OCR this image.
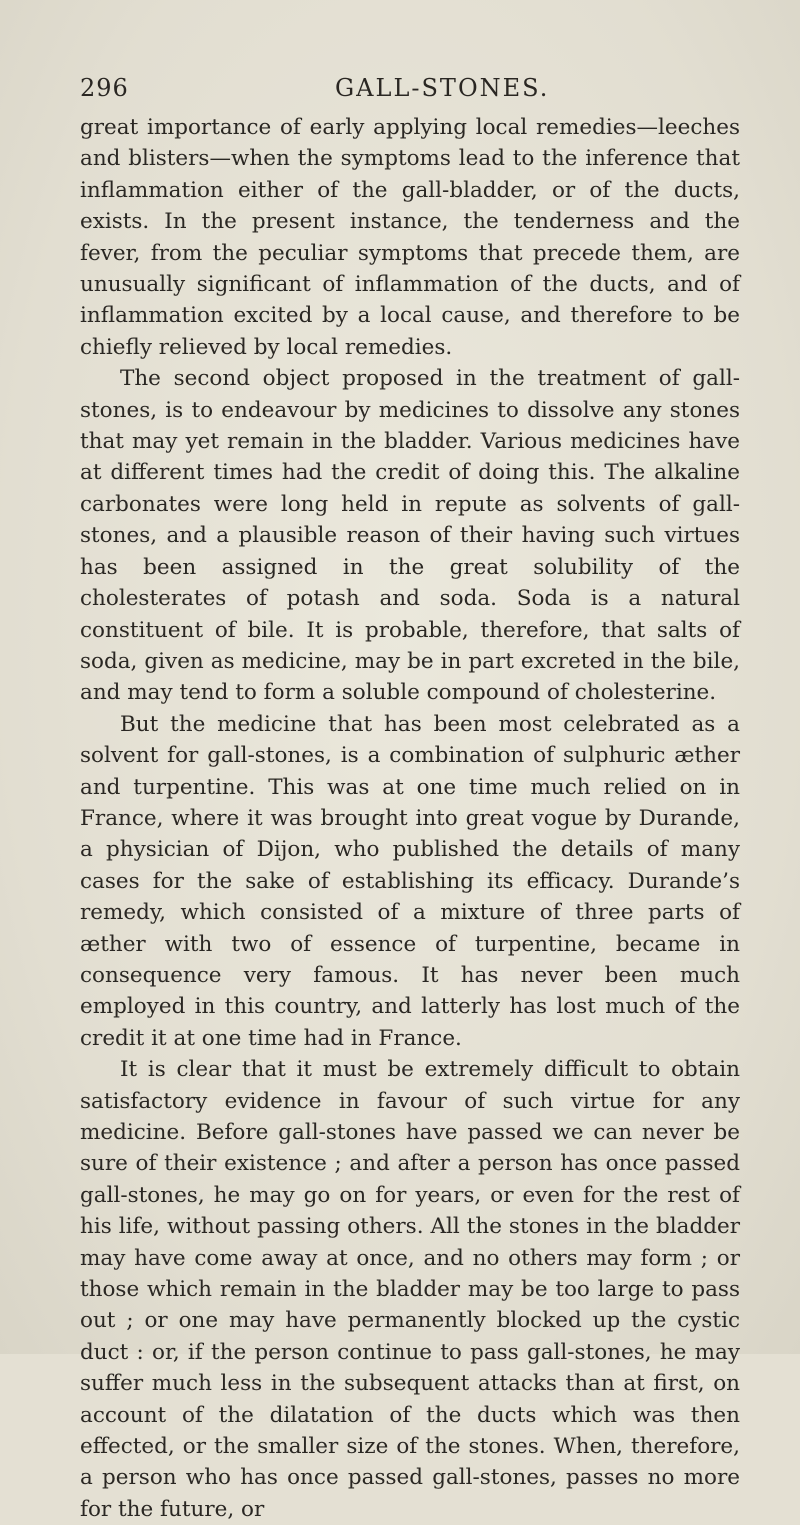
296	GALL-STONES.

great importance of early applying local remedies—leeches and blisters—when the symptoms lead to the inference that inflammation either of the gall-bladder, or of the ducts, exists. In the present instance, the tenderness and the fever, from the peculiar symptoms that precede them, are unusually significant of inflammation of the ducts, and of inflammation excited by a local cause, and therefore to be chiefly relieved by local remedies.

The second object proposed in the treatment of gall-stones, is to endeavour by medicines to dissolve any stones that may yet remain in the bladder. Various medicines have at different times had the credit of doing this. The alkaline carbonates were long held in repute as solvents of gall-stones, and a plausible reason of their having such virtues has been assigned in the great solubility of the cholesterates of potash and soda. Soda is a natural constituent of bile. It is probable, therefore, that salts of soda, given as medicine, may be in part excreted in the bile, and may tend to form a soluble compound of cholesterine.

But the medicine that has been most celebrated as a solvent for gall-stones, is a combination of sulphuric æther and turpentine. This was at one time much relied on in France, where it was brought into great vogue by Durande, a physician of Dijon, who published the details of many cases for the sake of establishing its efficacy. Durande’s remedy, which consisted of a mixture of three parts of æther with two of essence of turpentine, became in consequence very famous. It has never been much employed in this country, and latterly has lost much of the credit it at one time had in France.

It is clear that it must be extremely difficult to obtain satisfactory evidence in favour of such virtue for any medicine. Before gall-stones have passed we can never be sure of their existence ; and after a person has once passed gall-stones, he may go on for years, or even for the rest of his life, without passing others. All the stones in the bladder may have come away at once, and no others may form ; or those which remain in the bladder may be too large to pass out ; or one may have permanently blocked up the cystic duct : or, if the person continue to pass gall-stones, he may suffer much less in the subsequent attacks than at first, on account of the dilatation of the ducts which was then effected, or the smaller size of the stones. When, therefore, a person who has once passed gall-stones, passes no more for the future, or
